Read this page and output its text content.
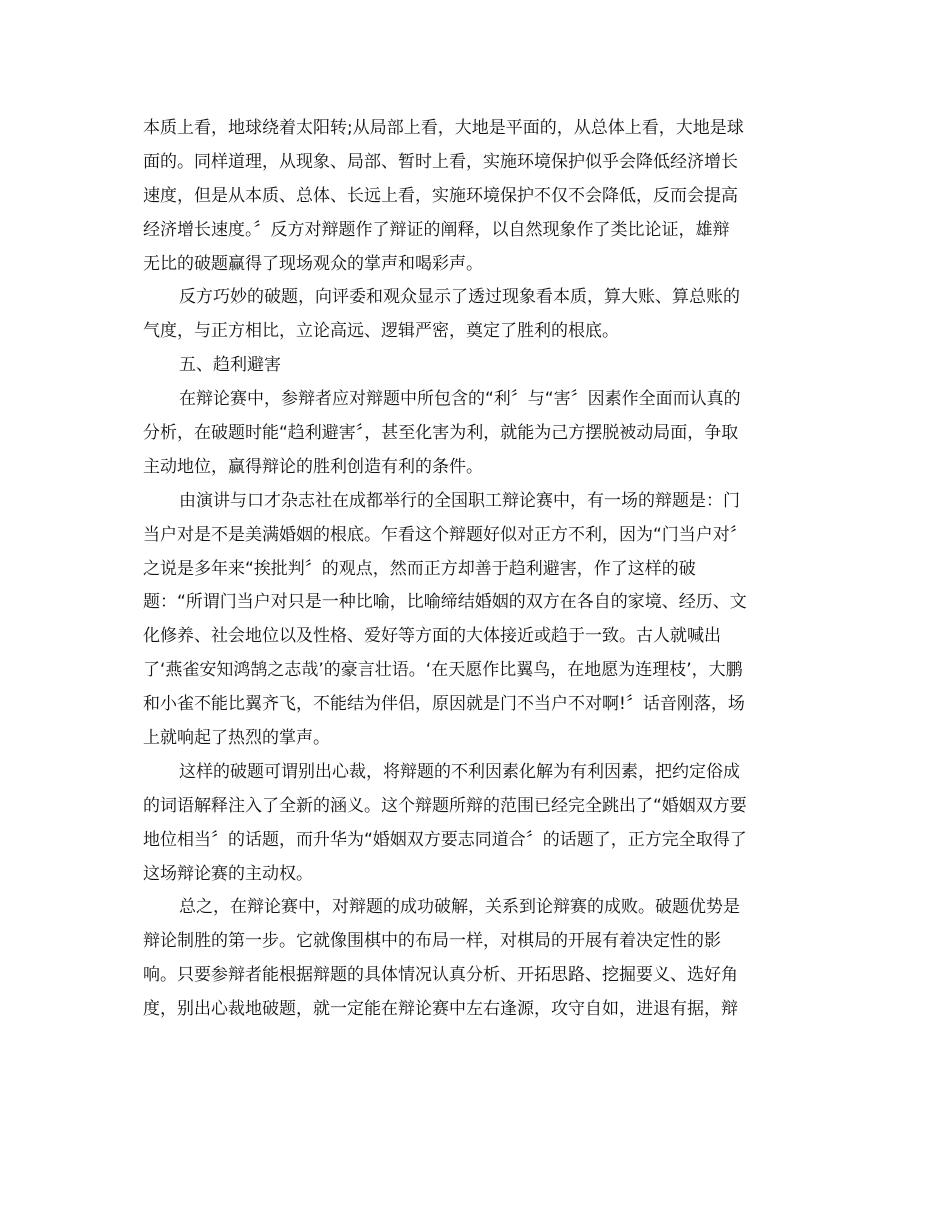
本质上看，地球绕着太阳转;从局部上看，大地是平面的，从总体上看，大地是球
面的。同样道理，从现象、局部、暂时上看，实施环境保护似乎会降低经济增长
速度，但是从本质、总体、长远上看，实施环境保护不仅不会降低，反而会提高
经济增长速度。〞反方对辩题作了辩证的阐释，以自然现象作了类比论证，雄辩
无比的破题赢得了现场观众的掌声和喝彩声。
反方巧妙的破题，向评委和观众显示了透过现象看本质，算大账、算总账的
气度，与正方相比，立论高远、逻辑严密，奠定了胜利的根底。
五、趋利避害
在辩论赛中，参辩者应对辩题中所包含的“利〞与“害〞因素作全面而认真的
分析，在破题时能“趋利避害〞，甚至化害为利，就能为己方摆脱被动局面，争取
主动地位，赢得辩论的胜利创造有利的条件。
由演讲与口才杂志社在成都举行的全国职工辩论赛中，有一场的辩题是：门
当户对是不是美满婚姻的根底。乍看这个辩题好似对正方不利，因为“门当户对〞
之说是多年来“挨批判〞的观点，然而正方却善于趋利避害，作了这样的破
题：“所谓门当户对只是一种比喻，比喻缔结婚姻的双方在各自的家境、经历、文
化修养、社会地位以及性格、爱好等方面的大体接近或趋于一致。古人就喊出
了‘燕雀安知鸿鹄之志哉’的豪言壮语。‘在天愿作比翼鸟，在地愿为连理枝’，大鹏
和小雀不能比翼齐飞，不能结为伴侣，原因就是门不当户不对啊!〞话音刚落，场
上就响起了热烈的掌声。
这样的破题可谓别出心裁，将辩题的不利因素化解为有利因素，把约定俗成
的词语解释注入了全新的涵义。这个辩题所辩的范围已经完全跳出了“婚姻双方要
地位相当〞的话题，而升华为“婚姻双方要志同道合〞的话题了，正方完全取得了
这场辩论赛的主动权。
总之，在辩论赛中，对辩题的成功破解，关系到论辩赛的成败。破题优势是
辩论制胜的第一步。它就像围棋中的布局一样，对棋局的开展有着决定性的影
响。只要参辩者能根据辩题的具体情况认真分析、开拓思路、挖掘要义、选好角
度，别出心裁地破题，就一定能在辩论赛中左右逢源，攻守自如，进退有据，辩
